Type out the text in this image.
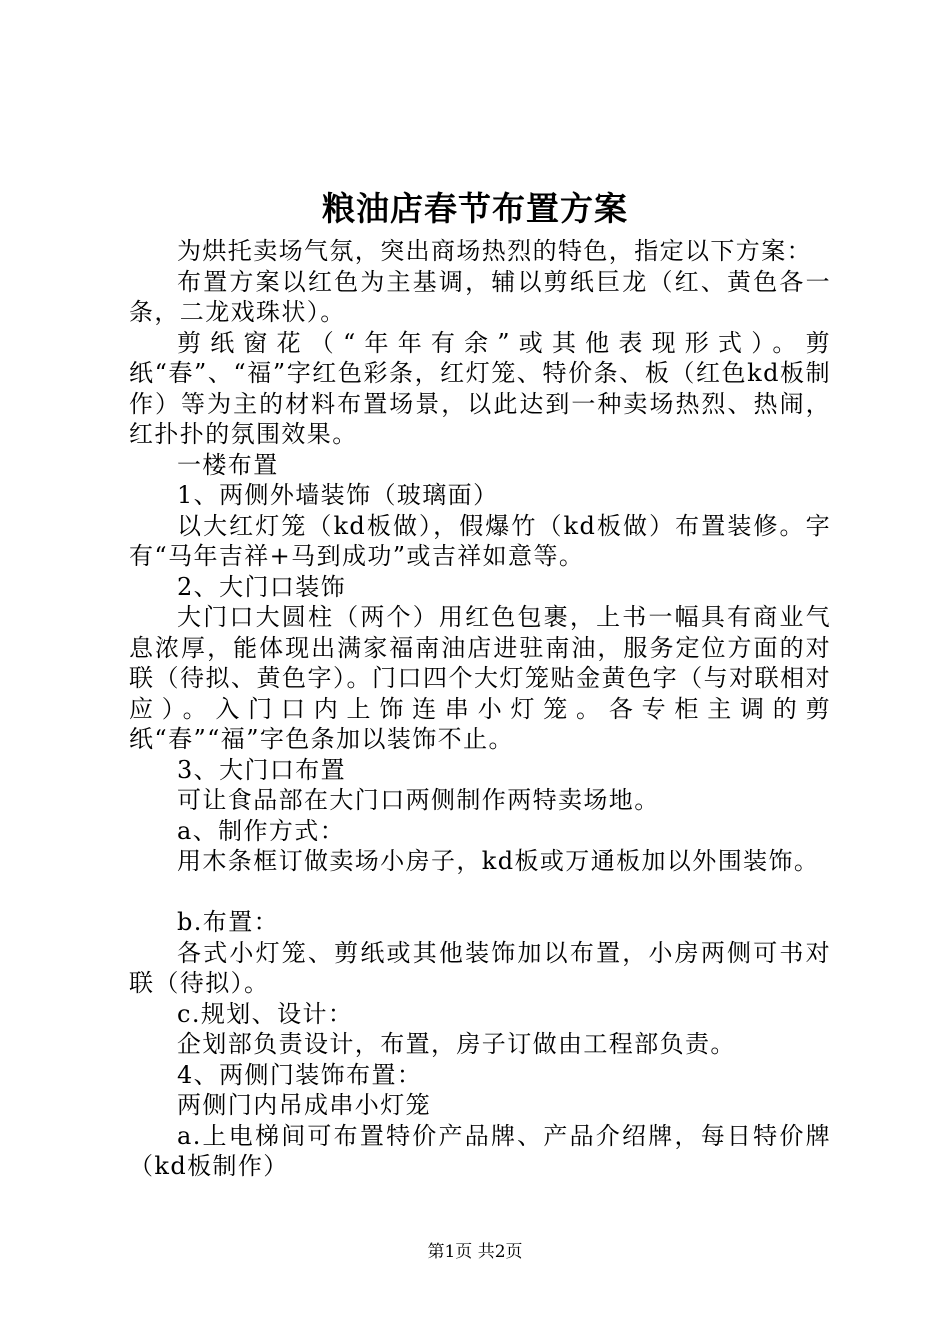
粮油店春节布置方案

为烘托卖场气氛，突出商场热烈的特色，指定以下方案：

布置方案以红色为主基调，辅以剪纸巨龙（红、黄色各一条，二龙戏珠状）。

剪纸窗花（“年年有余”或其他表现形式）。剪纸“春”、“福”字红色彩条，红灯笼、特价条、板（红色kd板制作）等为主的材料布置场景，以此达到一种卖场热烈、热闹，红扑扑的氛围效果。

一楼布置

1、两侧外墙装饰（玻璃面）

以大红灯笼（kd板做），假爆竹（kd板做）布置装修。字有“马年吉祥+马到成功”或吉祥如意等。

2、大门口装饰

大门口大圆柱（两个）用红色包裹，上书一幅具有商业气息浓厚，能体现出满家福南油店进驻南油，服务定位方面的对联（待拟、黄色字）。门口四个大灯笼贴金黄色字（与对联相对应）。入门口内上饰连串小灯笼。各专柜主调的剪纸“春”“福”字色条加以装饰不止。

3、大门口布置

可让食品部在大门口两侧制作两特卖场地。

a、制作方式：

用木条框订做卖场小房子，kd板或万通板加以外围装饰。

b.布置：

各式小灯笼、剪纸或其他装饰加以布置，小房两侧可书对联（待拟）。

c.规划、设计：

企划部负责设计，布置，房子订做由工程部负责。

4、两侧门装饰布置：

两侧门内吊成串小灯笼

a.上电梯间可布置特价产品牌、产品介绍牌，每日特价牌（kd板制作）

第1页 共2页
